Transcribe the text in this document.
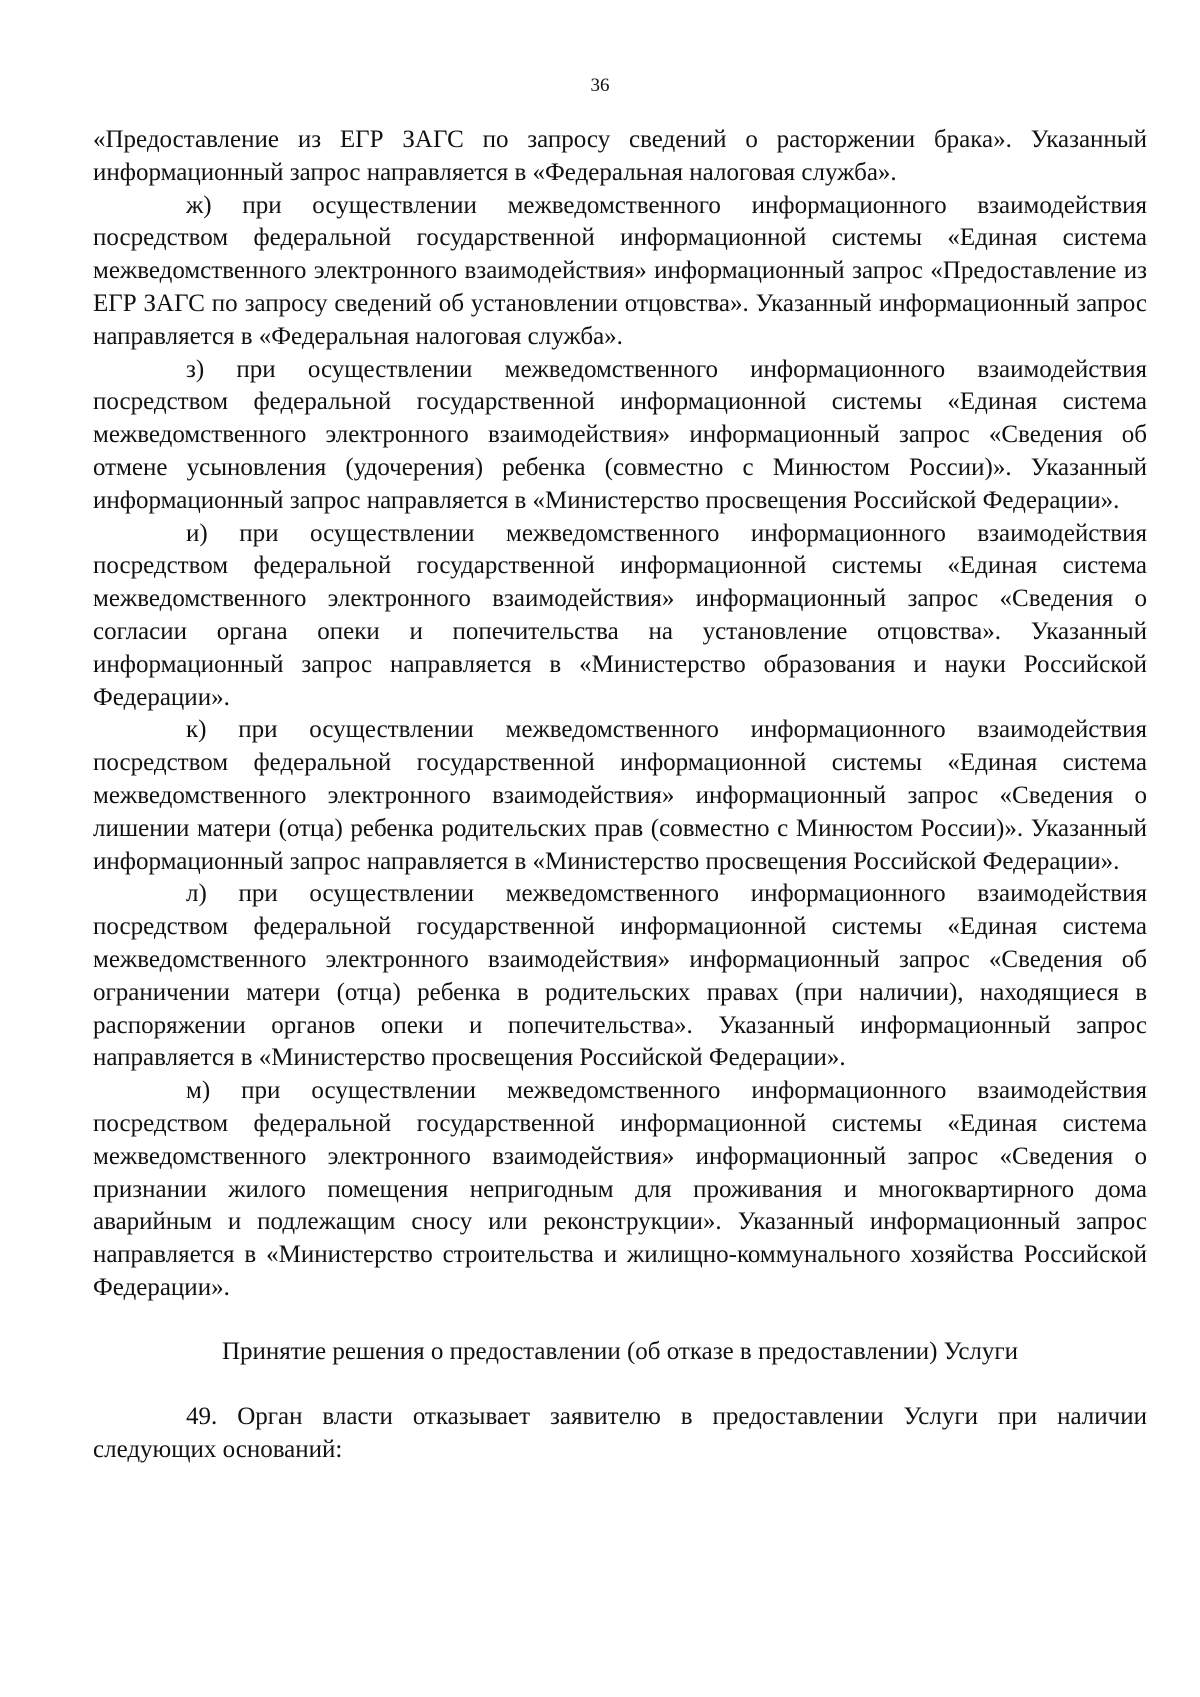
36

«Предоставление из ЕГР ЗАГС по запросу сведений о расторжении брака». Указанный информационный запрос направляется в «Федеральная налоговая служба».

ж) при осуществлении межведомственного информационного взаимодействия посредством федеральной государственной информационной системы «Единая система межведомственного электронного взаимодействия» информационный запрос «Предоставление из ЕГР ЗАГС по запросу сведений об установлении отцовства». Указанный информационный запрос направляется в «Федеральная налоговая служба».

з) при осуществлении межведомственного информационного взаимодействия посредством федеральной государственной информационной системы «Единая система межведомственного электронного взаимодействия» информационный запрос «Сведения об отмене усыновления (удочерения) ребенка (совместно с Минюстом России)». Указанный информационный запрос направляется в «Министерство просвещения Российской Федерации».

и) при осуществлении межведомственного информационного взаимодействия посредством федеральной государственной информационной системы «Единая система межведомственного электронного взаимодействия» информационный запрос «Сведения о согласии органа опеки и попечительства на установление отцовства». Указанный информационный запрос направляется в «Министерство образования и науки Российской Федерации».

к) при осуществлении межведомственного информационного взаимодействия посредством федеральной государственной информационной системы «Единая система межведомственного электронного взаимодействия» информационный запрос «Сведения о лишении матери (отца) ребенка родительских прав (совместно с Минюстом России)». Указанный информационный запрос направляется в «Министерство просвещения Российской Федерации».

л) при осуществлении межведомственного информационного взаимодействия посредством федеральной государственной информационной системы «Единая система межведомственного электронного взаимодействия» информационный запрос «Сведения об ограничении матери (отца) ребенка в родительских правах (при наличии), находящиеся в распоряжении органов опеки и попечительства». Указанный информационный запрос направляется в «Министерство просвещения Российской Федерации».

м) при осуществлении межведомственного информационного взаимодействия посредством федеральной государственной информационной системы «Единая система межведомственного электронного взаимодействия» информационный запрос «Сведения о признании жилого помещения непригодным для проживания и многоквартирного дома аварийным и подлежащим сносу или реконструкции». Указанный информационный запрос направляется в «Министерство строительства и жилищно-коммунального хозяйства Российской Федерации».

Принятие решения о предоставлении (об отказе в предоставлении) Услуги

49. Орган власти отказывает заявителю в предоставлении Услуги при наличии следующих оснований:
